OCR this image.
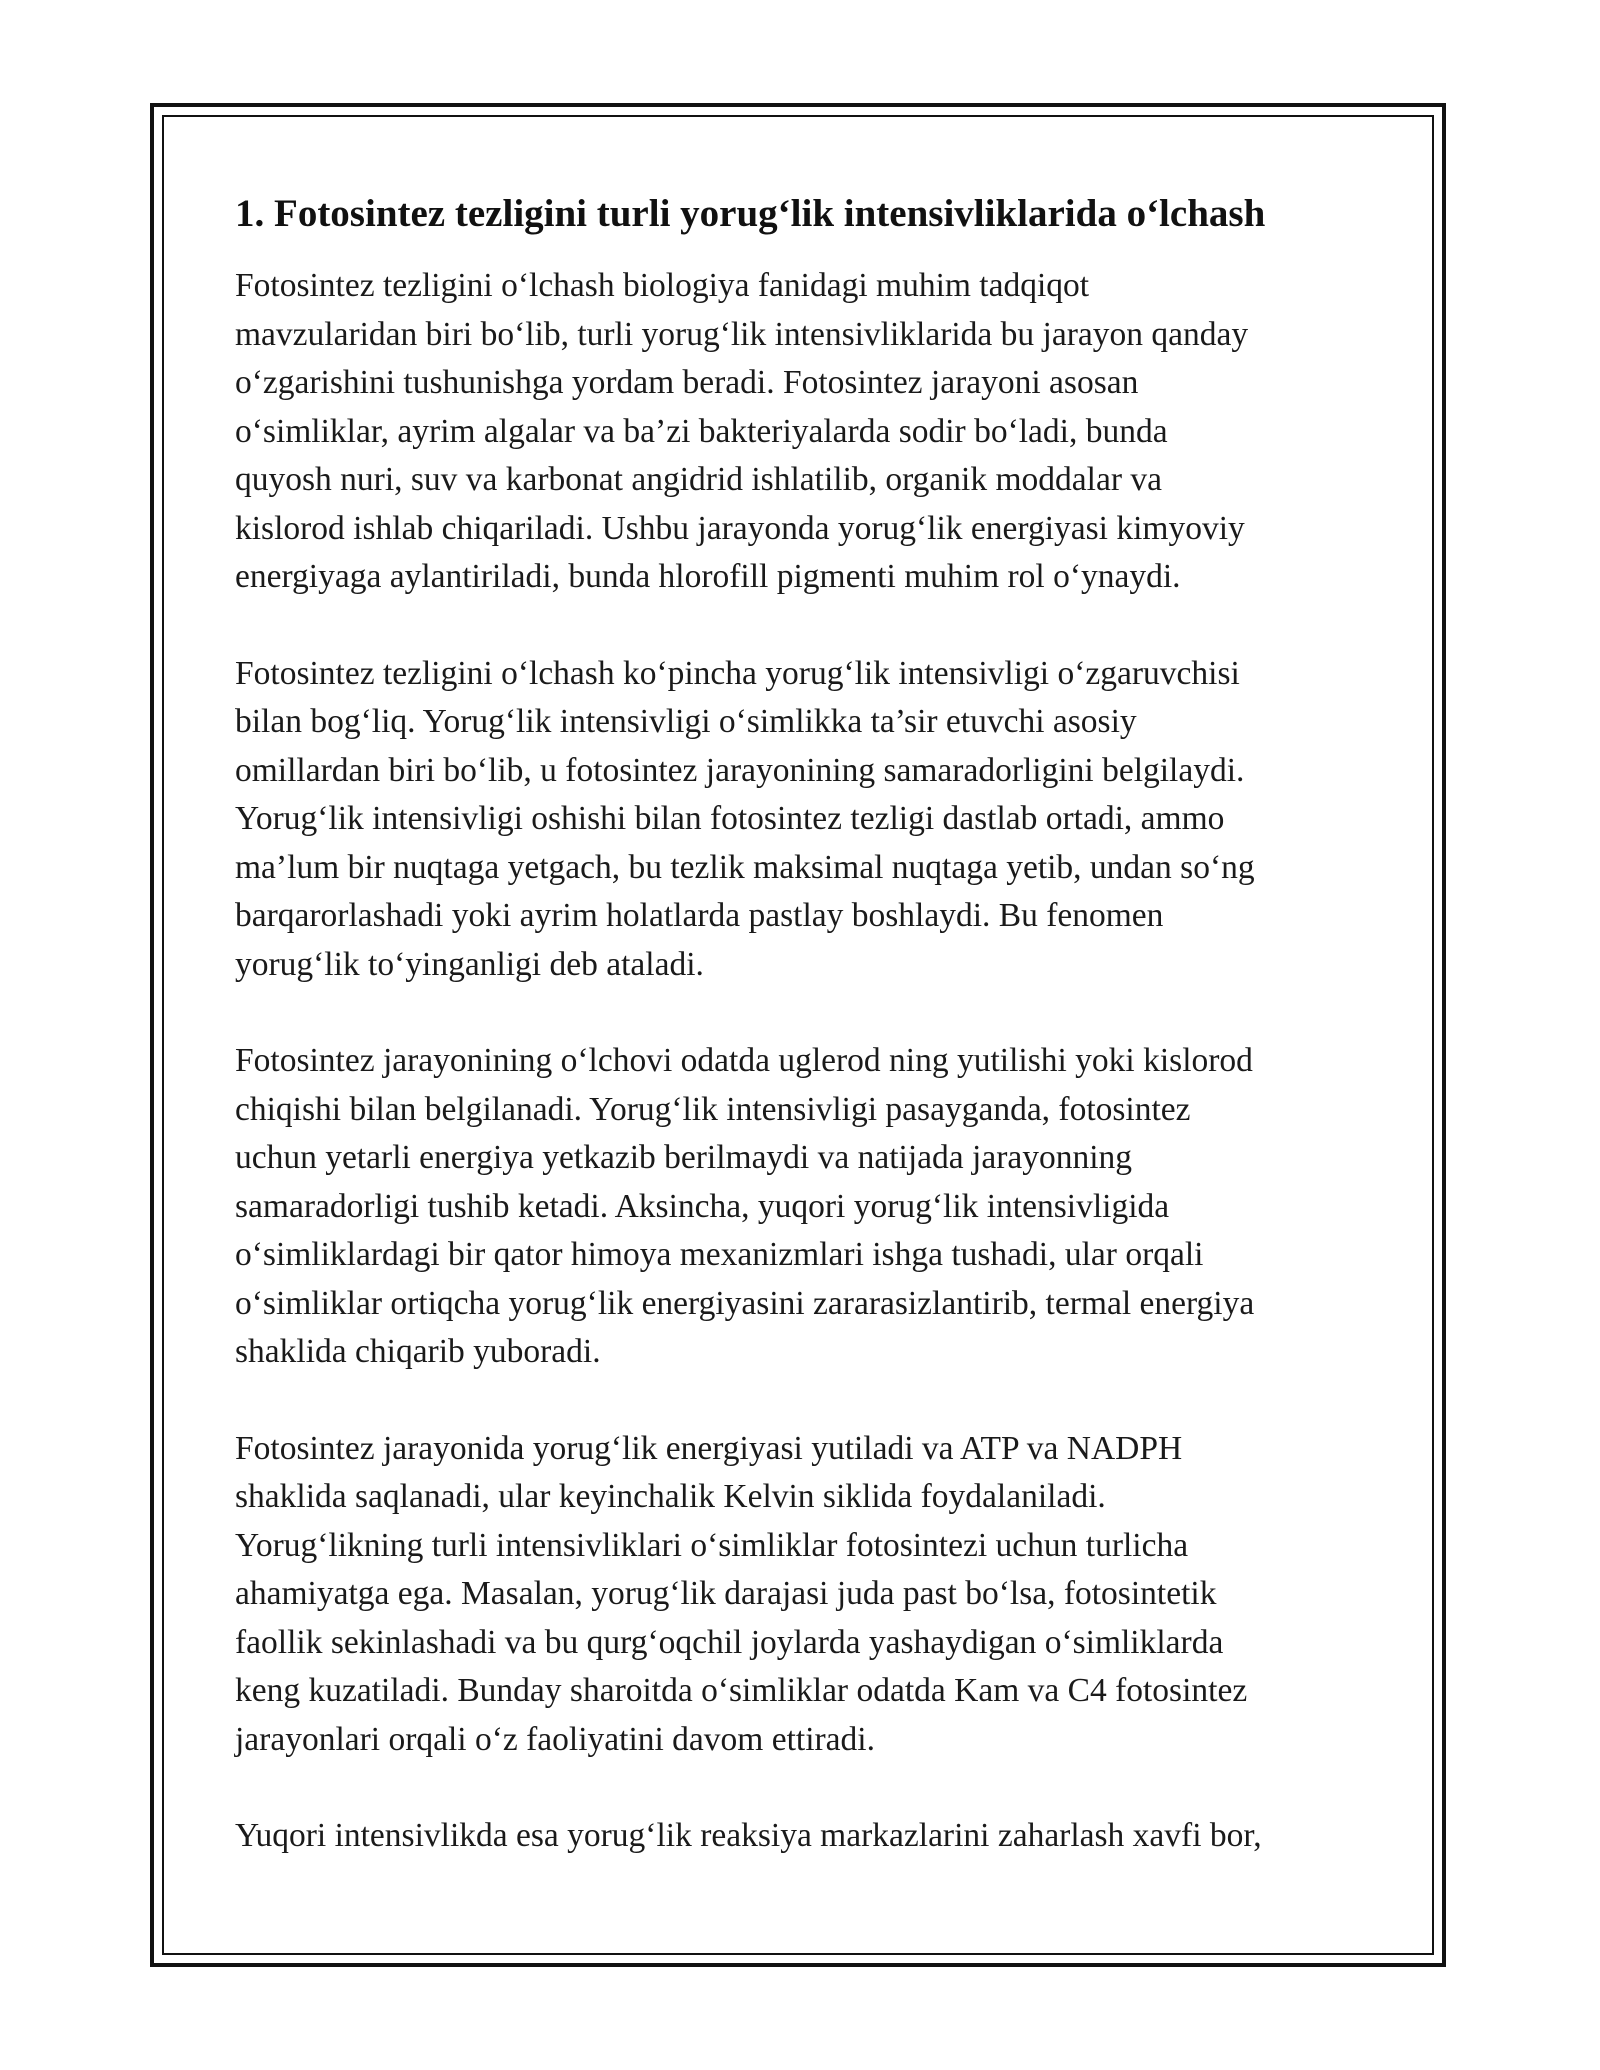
1. Fotosintez tezligini turli yorug‘lik intensivliklarida o‘lchash

Fotosintez tezligini o‘lchash biologiya fanidagi muhim tadqiqot
mavzularidan biri bo‘lib, turli yorug‘lik intensivliklarida bu jarayon qanday
o‘zgarishini tushunishga yordam beradi. Fotosintez jarayoni asosan
o‘simliklar, ayrim algalar va ba’zi bakteriyalarda sodir bo‘ladi, bunda
quyosh nuri, suv va karbonat angidrid ishlatilib, organik moddalar va
kislorod ishlab chiqariladi. Ushbu jarayonda yorug‘lik energiyasi kimyoviy
energiyaga aylantiriladi, bunda hlorofill pigmenti muhim rol o‘ynaydi.

Fotosintez tezligini o‘lchash ko‘pincha yorug‘lik intensivligi o‘zgaruvchisi
bilan bog‘liq. Yorug‘lik intensivligi o‘simlikka ta’sir etuvchi asosiy
omillardan biri bo‘lib, u fotosintez jarayonining samaradorligini belgilaydi.
Yorug‘lik intensivligi oshishi bilan fotosintez tezligi dastlab ortadi, ammo
ma’lum bir nuqtaga yetgach, bu tezlik maksimal nuqtaga yetib, undan so‘ng
barqarorlashadi yoki ayrim holatlarda pastlay boshlaydi. Bu fenomen
yorug‘lik to‘yinganligi deb ataladi.

Fotosintez jarayonining o‘lchovi odatda uglerod ning yutilishi yoki kislorod
chiqishi bilan belgilanadi. Yorug‘lik intensivligi pasayganda, fotosintez
uchun yetarli energiya yetkazib berilmaydi va natijada jarayonning
samaradorligi tushib ketadi. Aksincha, yuqori yorug‘lik intensivligida
o‘simliklardagi bir qator himoya mexanizmlari ishga tushadi, ular orqali
o‘simliklar ortiqcha yorug‘lik energiyasini zararasizlantirib, termal energiya
shaklida chiqarib yuboradi.

Fotosintez jarayonida yorug‘lik energiyasi yutiladi va ATP va NADPH
shaklida saqlanadi, ular keyinchalik Kelvin siklida foydalaniladi.
Yorug‘likning turli intensivliklari o‘simliklar fotosintezi uchun turlicha
ahamiyatga ega. Masalan, yorug‘lik darajasi juda past bo‘lsa, fotosintetik
faollik sekinlashadi va bu qurg‘oqchil joylarda yashaydigan o‘simliklarda
keng kuzatiladi. Bunday sharoitda o‘simliklar odatda Kam va C4 fotosintez
jarayonlari orqali o‘z faoliyatini davom ettiradi.

Yuqori intensivlikda esa yorug‘lik reaksiya markazlarini zaharlash xavfi bor,
